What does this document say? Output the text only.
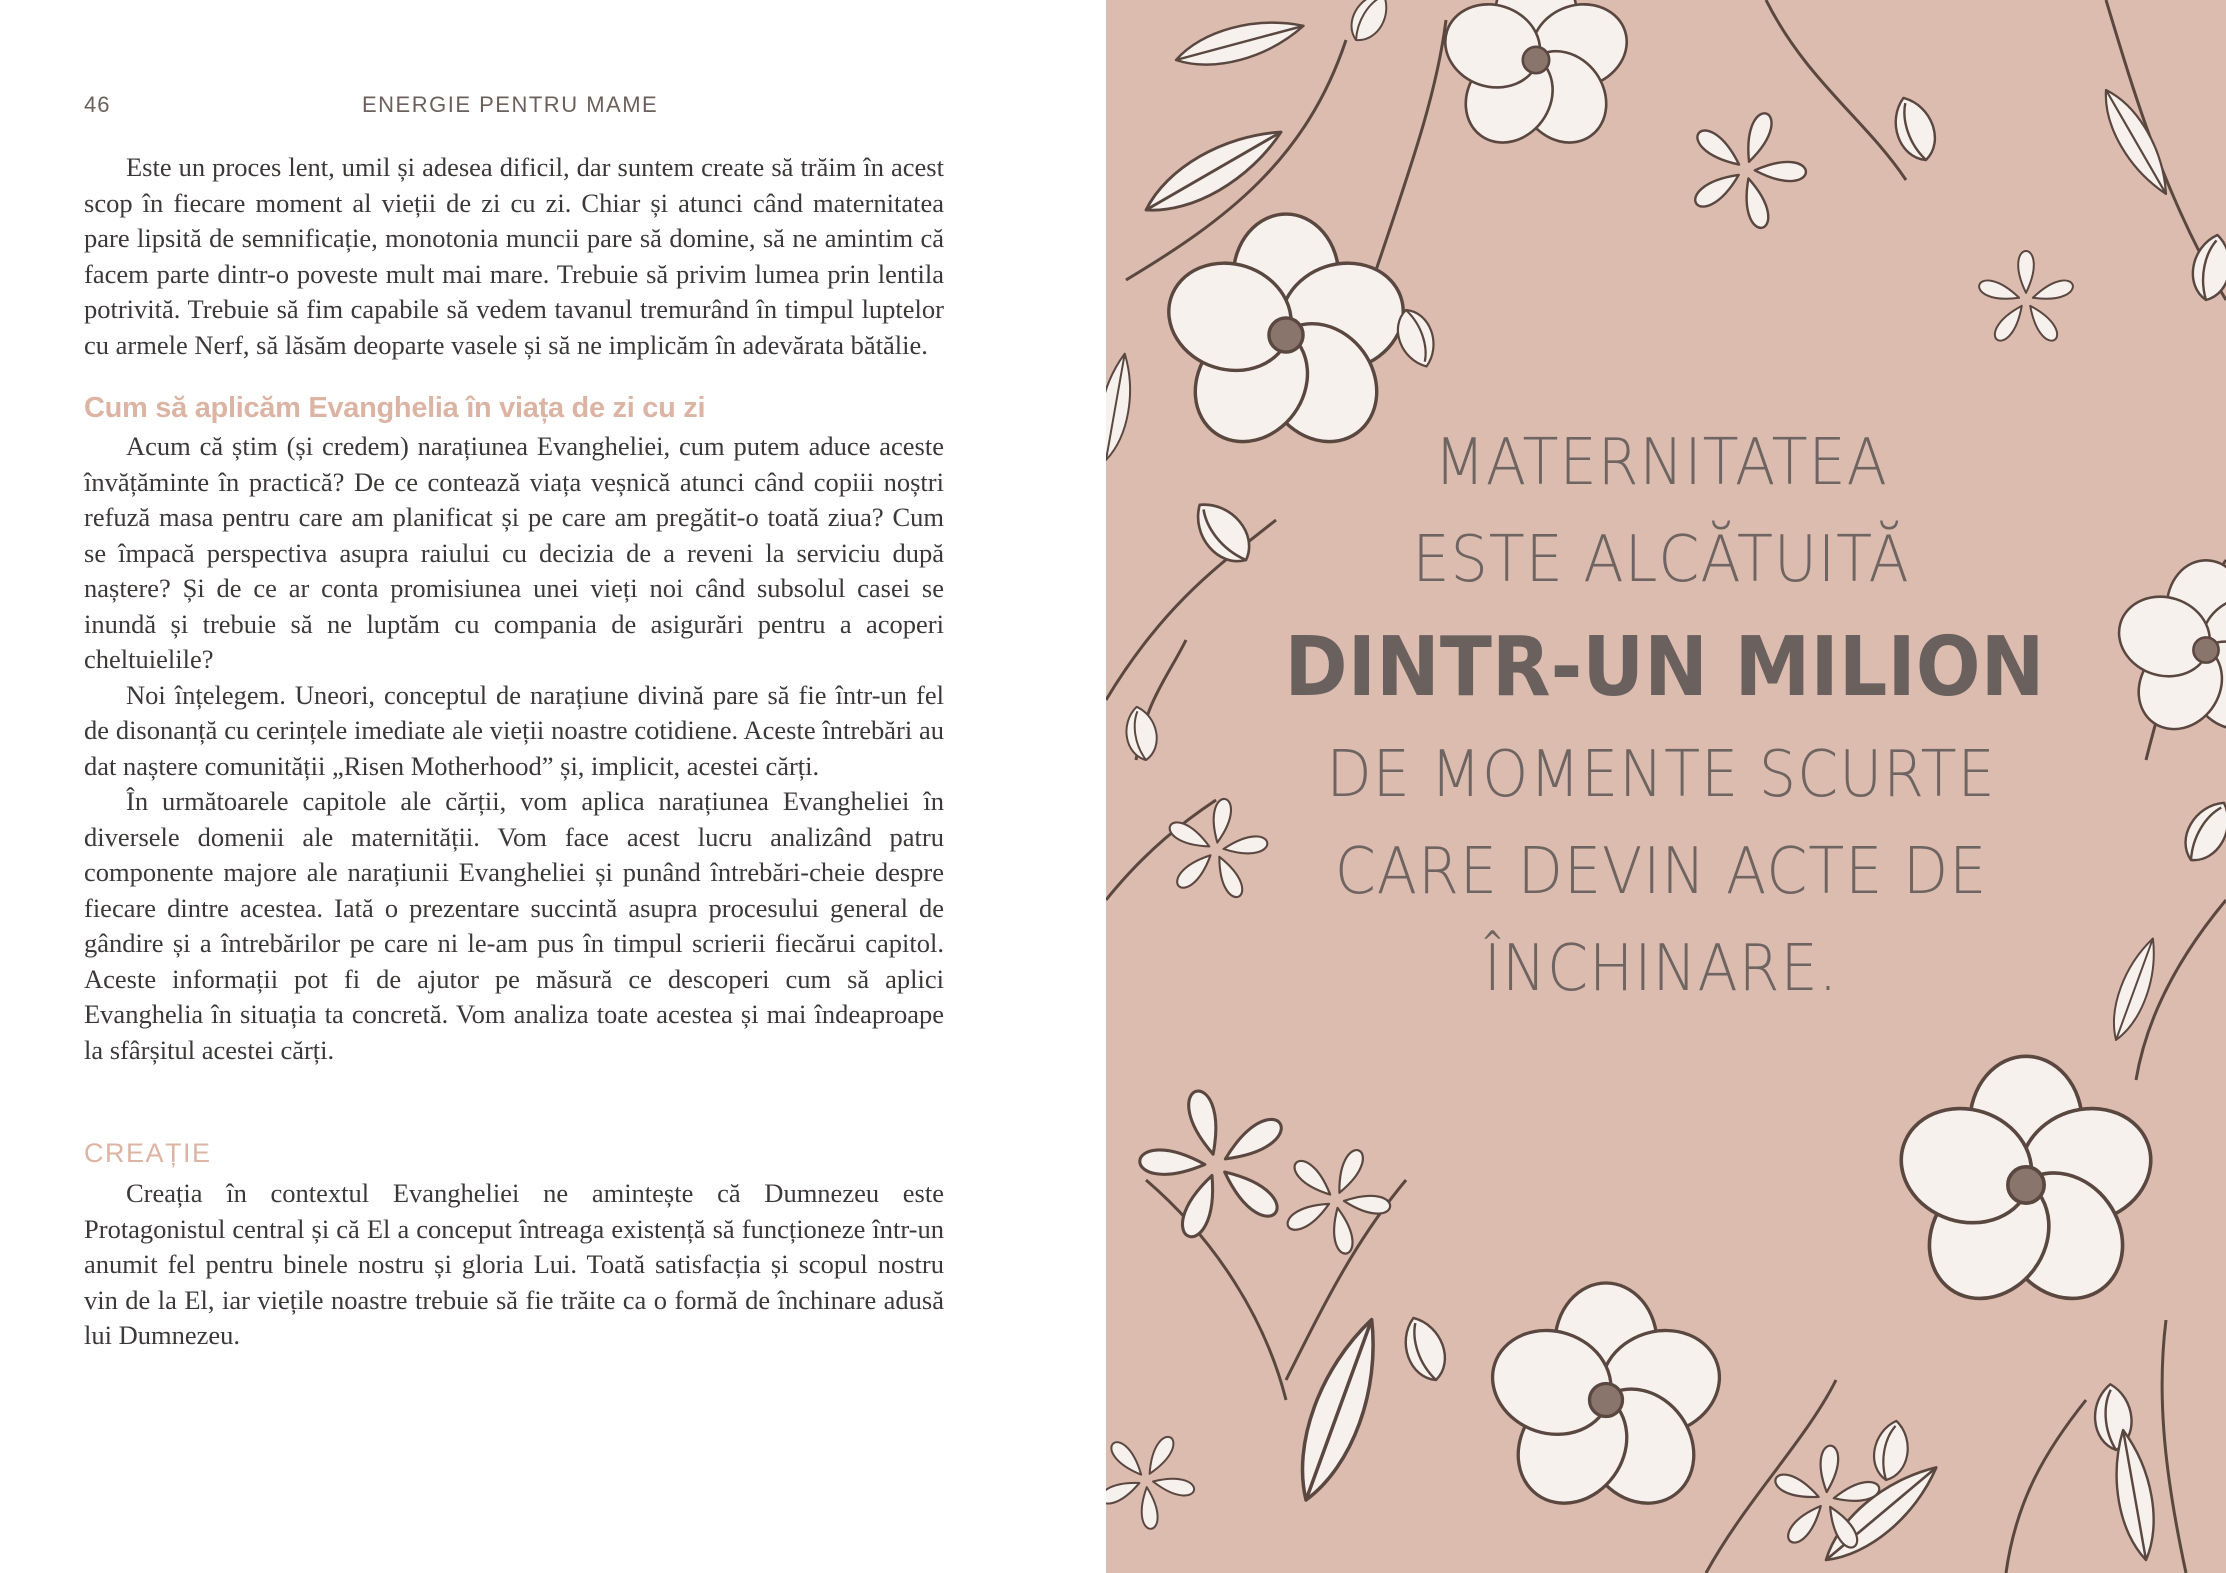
46	ENERGIE PENTRU MAME

Este un proces lent, umil și adesea dificil, dar suntem create să trăim în acest scop în fiecare moment al vieții de zi cu zi. Chiar și atunci când maternitatea pare lipsită de semnificație, monotonia muncii pare să domine, să ne amintim că facem parte dintr-o poveste mult mai mare. Trebuie să privim lumea prin lentila potrivită. Trebuie să fim capabile să vedem tavanul tremurând în timpul luptelor cu armele Nerf, să lăsăm deoparte vasele și să ne implicăm în adevărata bătălie.

Cum să aplicăm Evanghelia în viața de zi cu zi

Acum că știm (și credem) narațiunea Evangheliei, cum putem aduce aceste învățăminte în practică? De ce contează viața veșnică atunci când copiii noștri refuză masa pentru care am planificat și pe care am pregătit-o toată ziua? Cum se împacă perspectiva asupra raiului cu decizia de a reveni la serviciu după naștere? Și de ce ar conta promisiunea unei vieți noi când subsolul casei se inundă și trebuie să ne luptăm cu compania de asigurări pentru a acoperi cheltuielile?

Noi înțelegem. Uneori, conceptul de narațiune divină pare să fie într-un fel de disonanță cu cerințele imediate ale vieții noastre cotidiene. Aceste întrebări au dat naștere comunității „Risen Motherhood” și, implicit, acestei cărți.

În următoarele capitole ale cărții, vom aplica narațiunea Evangheliei în diversele domenii ale maternității. Vom face acest lucru analizând patru componente majore ale narațiunii Evangheliei și punând întrebări-cheie despre fiecare dintre acestea. Iată o prezentare succintă asupra procesului general de gândire și a întrebărilor pe care ni le-am pus în timpul scrierii fiecărui capitol. Aceste informații pot fi de ajutor pe măsură ce descoperi cum să aplici Evanghelia în situația ta concretă. Vom analiza toate acestea și mai îndeaproape la sfârșitul acestei cărți.

CREAȚIE

Creația în contextul Evangheliei ne amintește că Dumnezeu este Protagonistul central și că El a conceput întreaga existență să funcționeze într-un anumit fel pentru binele nostru și gloria Lui. Toată satisfacția și scopul nostru vin de la El, iar viețile noastre trebuie să fie trăite ca o formă de închinare adusă lui Dumnezeu.

MATERNITATEA
ESTE ALCĂTUITĂ
DINTR-UN MILION
DE MOMENTE SCURTE
CARE DEVIN ACTE DE
ÎNCHINARE.
